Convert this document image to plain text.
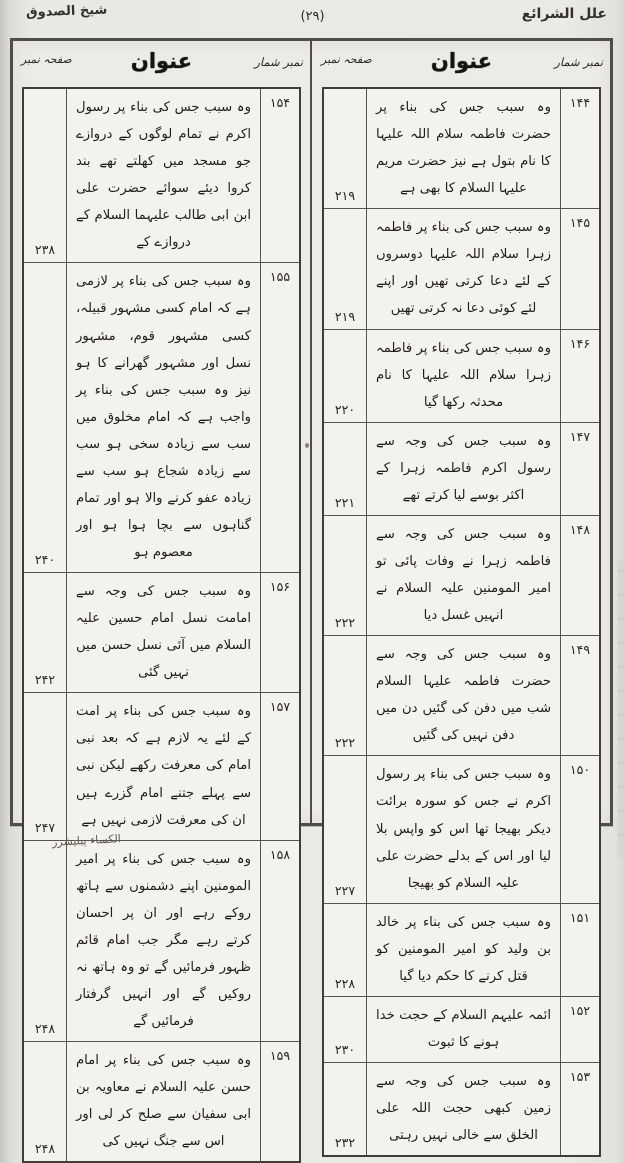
علل الشرائع
(۲۹)
شیخ الصدوق
نمبر شمار
عنوان
صفحہ نمبر
۲۱۹
وہ سبب جس کی بناء پر حضرت فاطمہ سلام اللہ علیہا کا نام بتول ہے نیز حضرت مریم علیہا السلام کا بھی ہے
۱۴۴
۲۱۹
وہ سبب جس کی بناء پر فاطمہ زہرا سلام اللہ علیہا دوسروں کے لئے دعا کرتی تھیں اور اپنے لئے کوئی دعا نہ کرتی تھیں
۱۴۵
۲۲۰
وہ سبب جس کی بناء پر فاطمہ زہرا سلام اللہ علیہا کا نام محدثہ رکھا گیا
۱۴۶
۲۲۱
وہ سبب جس کی وجہ سے رسول اکرم فاطمہ زہرا کے اکثر بوسے لیا کرتے تھے
۱۴۷
۲۲۲
وہ سبب جس کی وجہ سے فاطمہ زہرا نے وفات پائی تو امیر المومنین علیہ السلام نے انہیں غسل دیا
۱۴۸
۲۲۲
وہ سبب جس کی وجہ سے حضرت فاطمہ علیہا السلام شب میں دفن کی گئیں دن میں دفن نہیں کی گئیں
۱۴۹
۲۲۷
وہ سبب جس کی بناء پر رسول اکرم نے جس کو سورہ برائت دیکر بھیجا تھا اس کو واپس بلا لیا اور اس کے بدلے حضرت علی علیہ السلام کو بھیجا
۱۵۰
۲۲۸
وہ سبب جس کی بناء پر خالد بن ولید کو امیر المومنین کو قتل کرنے کا حکم دیا گیا
۱۵۱
۲۳۰
ائمہ علیہم السلام کے حجت خدا ہونے کا ثبوت
۱۵۲
۲۳۲
وہ سبب جس کی وجہ سے زمین کبھی حجت اللہ علی الخلق سے خالی نہیں رہتی
۱۵۳
نمبر شمار
عنوان
صفحہ نمبر
۲۳۸
وہ سبب جس کی بناء پر رسول اکرم نے تمام لوگوں کے دروازے جو مسجد میں کھلتے تھے بند کروا دیئے سوائے حضرت علی ابن ابی طالب علیہما السلام کے دروازے کے
۱۵۴
۲۴۰
وہ سبب جس کی بناء پر لازمی ہے کہ امام کسی مشہور قبیلہ، کسی مشہور قوم، مشہور نسل اور مشہور گھرانے کا ہو نیز وہ سبب جس کی بناء پر واجب ہے کہ امام مخلوق میں سب سے زیادہ سخی ہو سب سے زیادہ شجاع ہو سب سے زیادہ عفو کرنے والا ہو اور تمام گناہوں سے بچا ہوا ہو اور معصوم ہو
۱۵۵
۲۴۲
وہ سبب جس کی وجہ سے امامت نسل امام حسین علیہ السلام میں آئی نسل حسن میں نہیں گئی
۱۵۶
۲۴۷
وہ سبب جس کی بناء پر امت کے لئے یہ لازم ہے کہ بعد نبی امام کی معرفت رکھے لیکن نبی سے پہلے جتنے امام گزرے ہیں ان کی معرفت لازمی نہیں ہے
۱۵۷
۲۴۸
وہ سبب جس کی بناء پر امیر المومنین اپنے دشمنوں سے ہاتھ روکے رہے اور ان پر احسان کرتے رہے مگر جب امام قائم ظہور فرمائیں گے تو وہ ہاتھ نہ روکیں گے اور انہیں گرفتار فرمائیں گے
۱۵۸
۲۴۸
وہ سبب جس کی بناء پر امام حسن علیہ السلام نے معاویہ بن ابی سفیان سے صلح کر لی اور اس سے جنگ نہیں کی
۱۵۹
الکساء پبلیشرز
